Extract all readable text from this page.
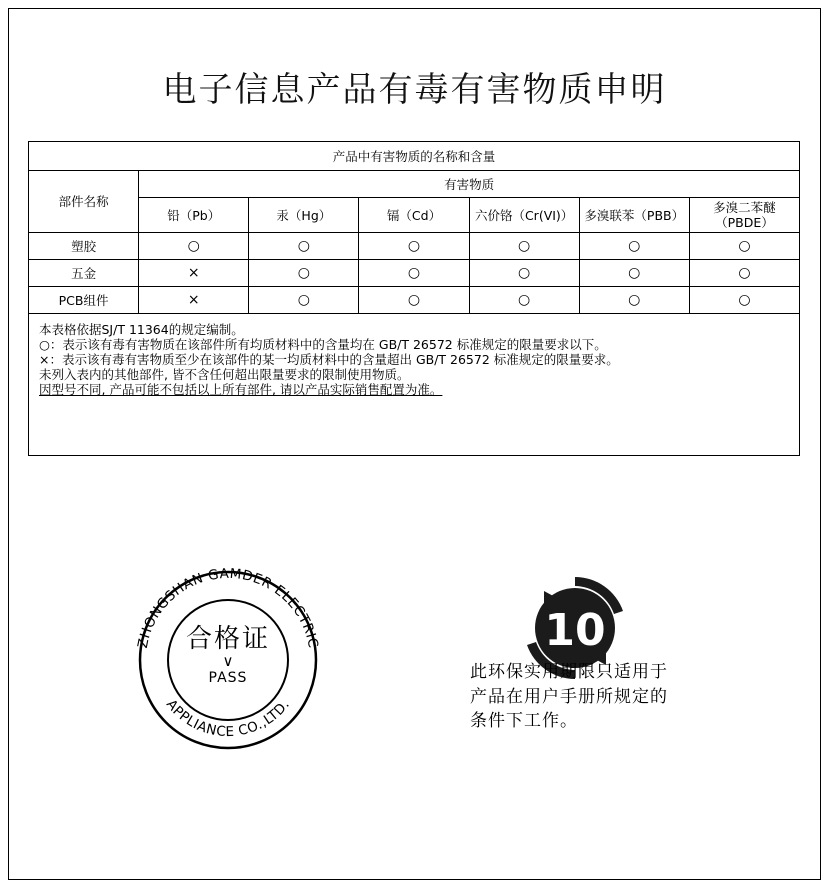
电子信息产品有毒有害物质申明
产品中有害物质的名称和含量						
部件名称	有害物质					
	铅（Pb）	汞（Hg）	镉（Cd）	六价铬（Cr(VI)）	多溴联苯（PBB）	多溴二苯醚（PBDE）
塑胶	○	○	○	○	○	○
五金	×	○	○	○	○	○
PCB组件	×	○	○	○	○	○

本表格依据SJ/T 11364的规定编制。
○：表示该有毒有害物质在该部件所有均质材料中的含量均在 GB/T 26572 标准规定的限量要求以下。
×：表示该有毒有害物质至少在该部件的某一均质材料中的含量超出 GB/T 26572 标准规定的限量要求。
未列入表内的其他部件, 皆不含任何超出限量要求的限制使用物质。
因型号不同, 产品可能不包括以上所有部件, 请以产品实际销售配置为准。						
ZHONGSHAN GAMDER ELECTRIC
APPLIANCE CO.,LTD.
合格证
∨
PASS
10
此环保实用期限只适用于
产品在用户手册所规定的
条件下工作。
